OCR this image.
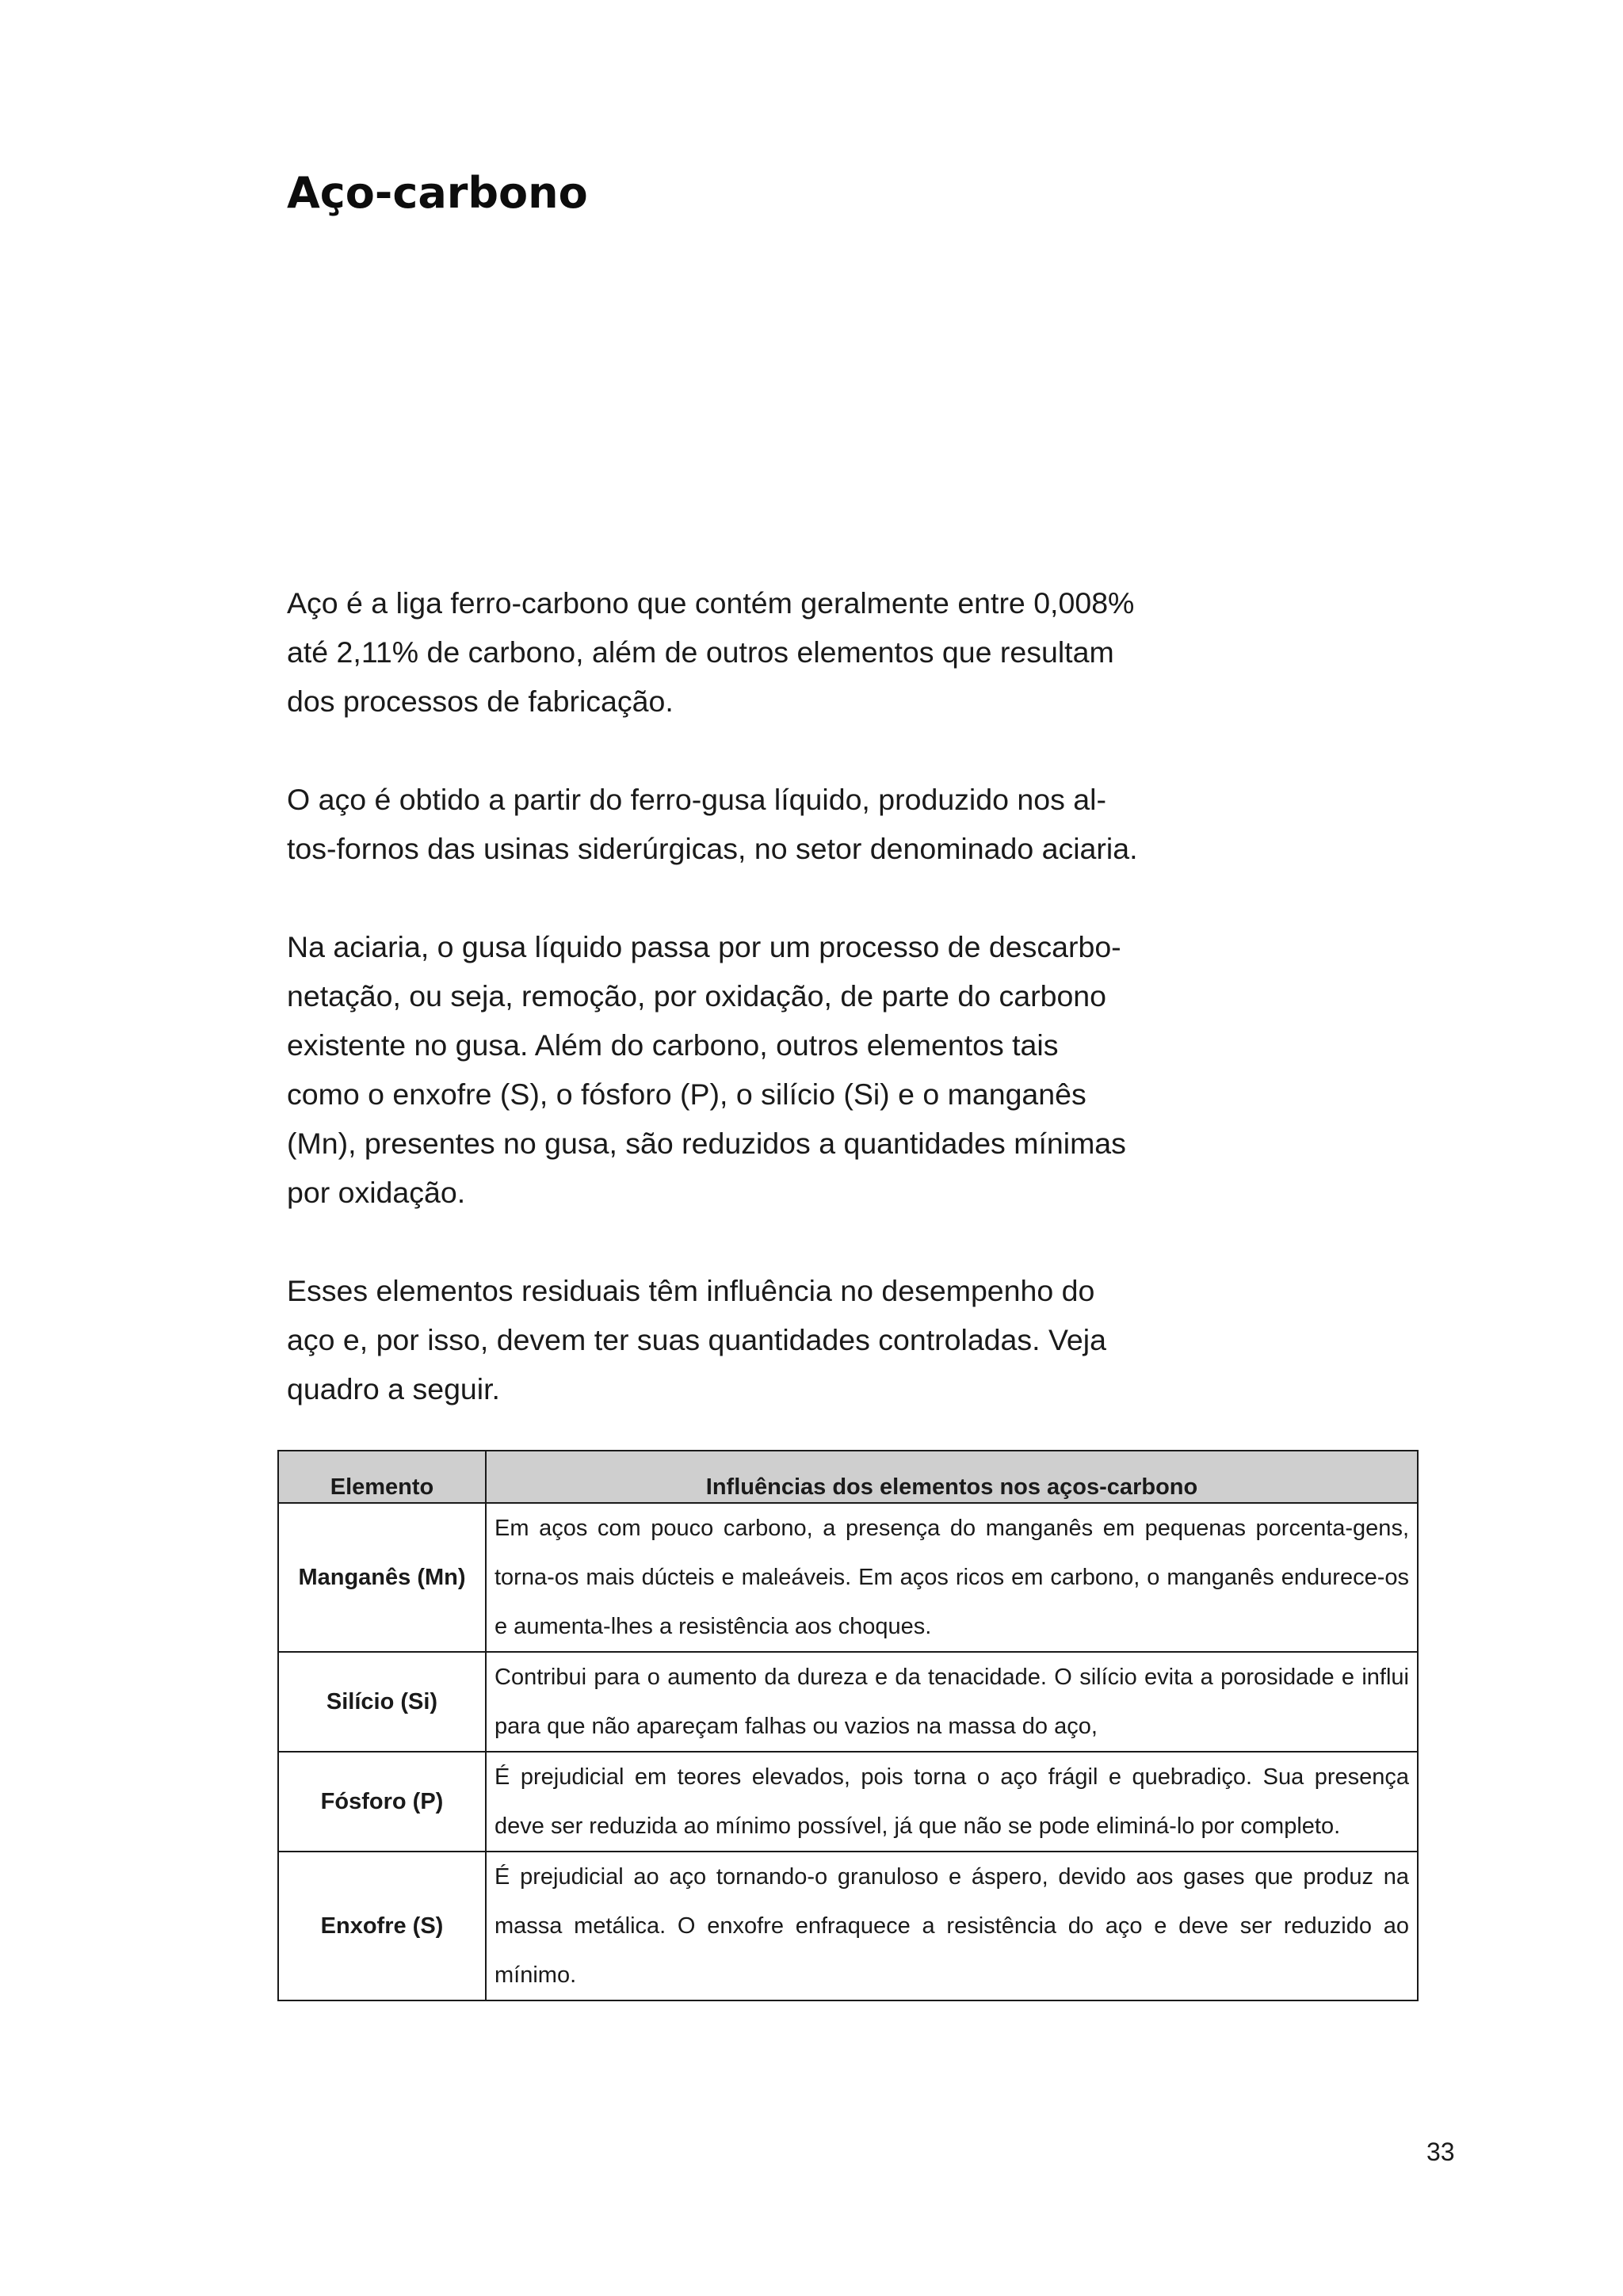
Aço-carbono

Aço é a liga ferro-carbono que contém geralmente entre 0,008%
até 2,11% de carbono, além de outros elementos que resultam
dos processos de fabricação.

O aço é obtido a partir do ferro-gusa líquido, produzido nos al-
tos-fornos das usinas siderúrgicas, no setor denominado aciaria.

Na aciaria, o gusa líquido passa por um processo de descarbo-
netação, ou seja, remoção, por oxidação, de parte do carbono
existente no gusa. Além do carbono, outros elementos tais
como o enxofre (S), o fósforo (P), o silício (Si) e o manganês
(Mn), presentes no gusa, são reduzidos a quantidades mínimas
por oxidação.

Esses elementos residuais têm influência no desempenho do
aço e, por isso, devem ter suas quantidades controladas. Veja
quadro a seguir.

Elemento	Influências dos elementos nos aços-carbono
Manganês (Mn)	Em aços com pouco carbono, a presença do manganês em pequenas porcenta-gens, torna-os mais dúcteis e maleáveis. Em aços ricos em carbono, o manganês endurece-os e aumenta-lhes a resistência aos choques.
Silício (Si)	Contribui para o aumento da dureza e da tenacidade. O silício evita a porosidade e influi para que não apareçam falhas ou vazios na massa do aço,
Fósforo (P)	É prejudicial em teores elevados, pois torna o aço frágil e quebradiço. Sua presença deve ser reduzida ao mínimo possível, já que não se pode eliminá-lo por completo.
Enxofre (S)	É prejudicial ao aço tornando-o granuloso e áspero, devido aos gases que produz na massa metálica. O enxofre enfraquece a resistência do aço e deve ser reduzido ao mínimo.
33
